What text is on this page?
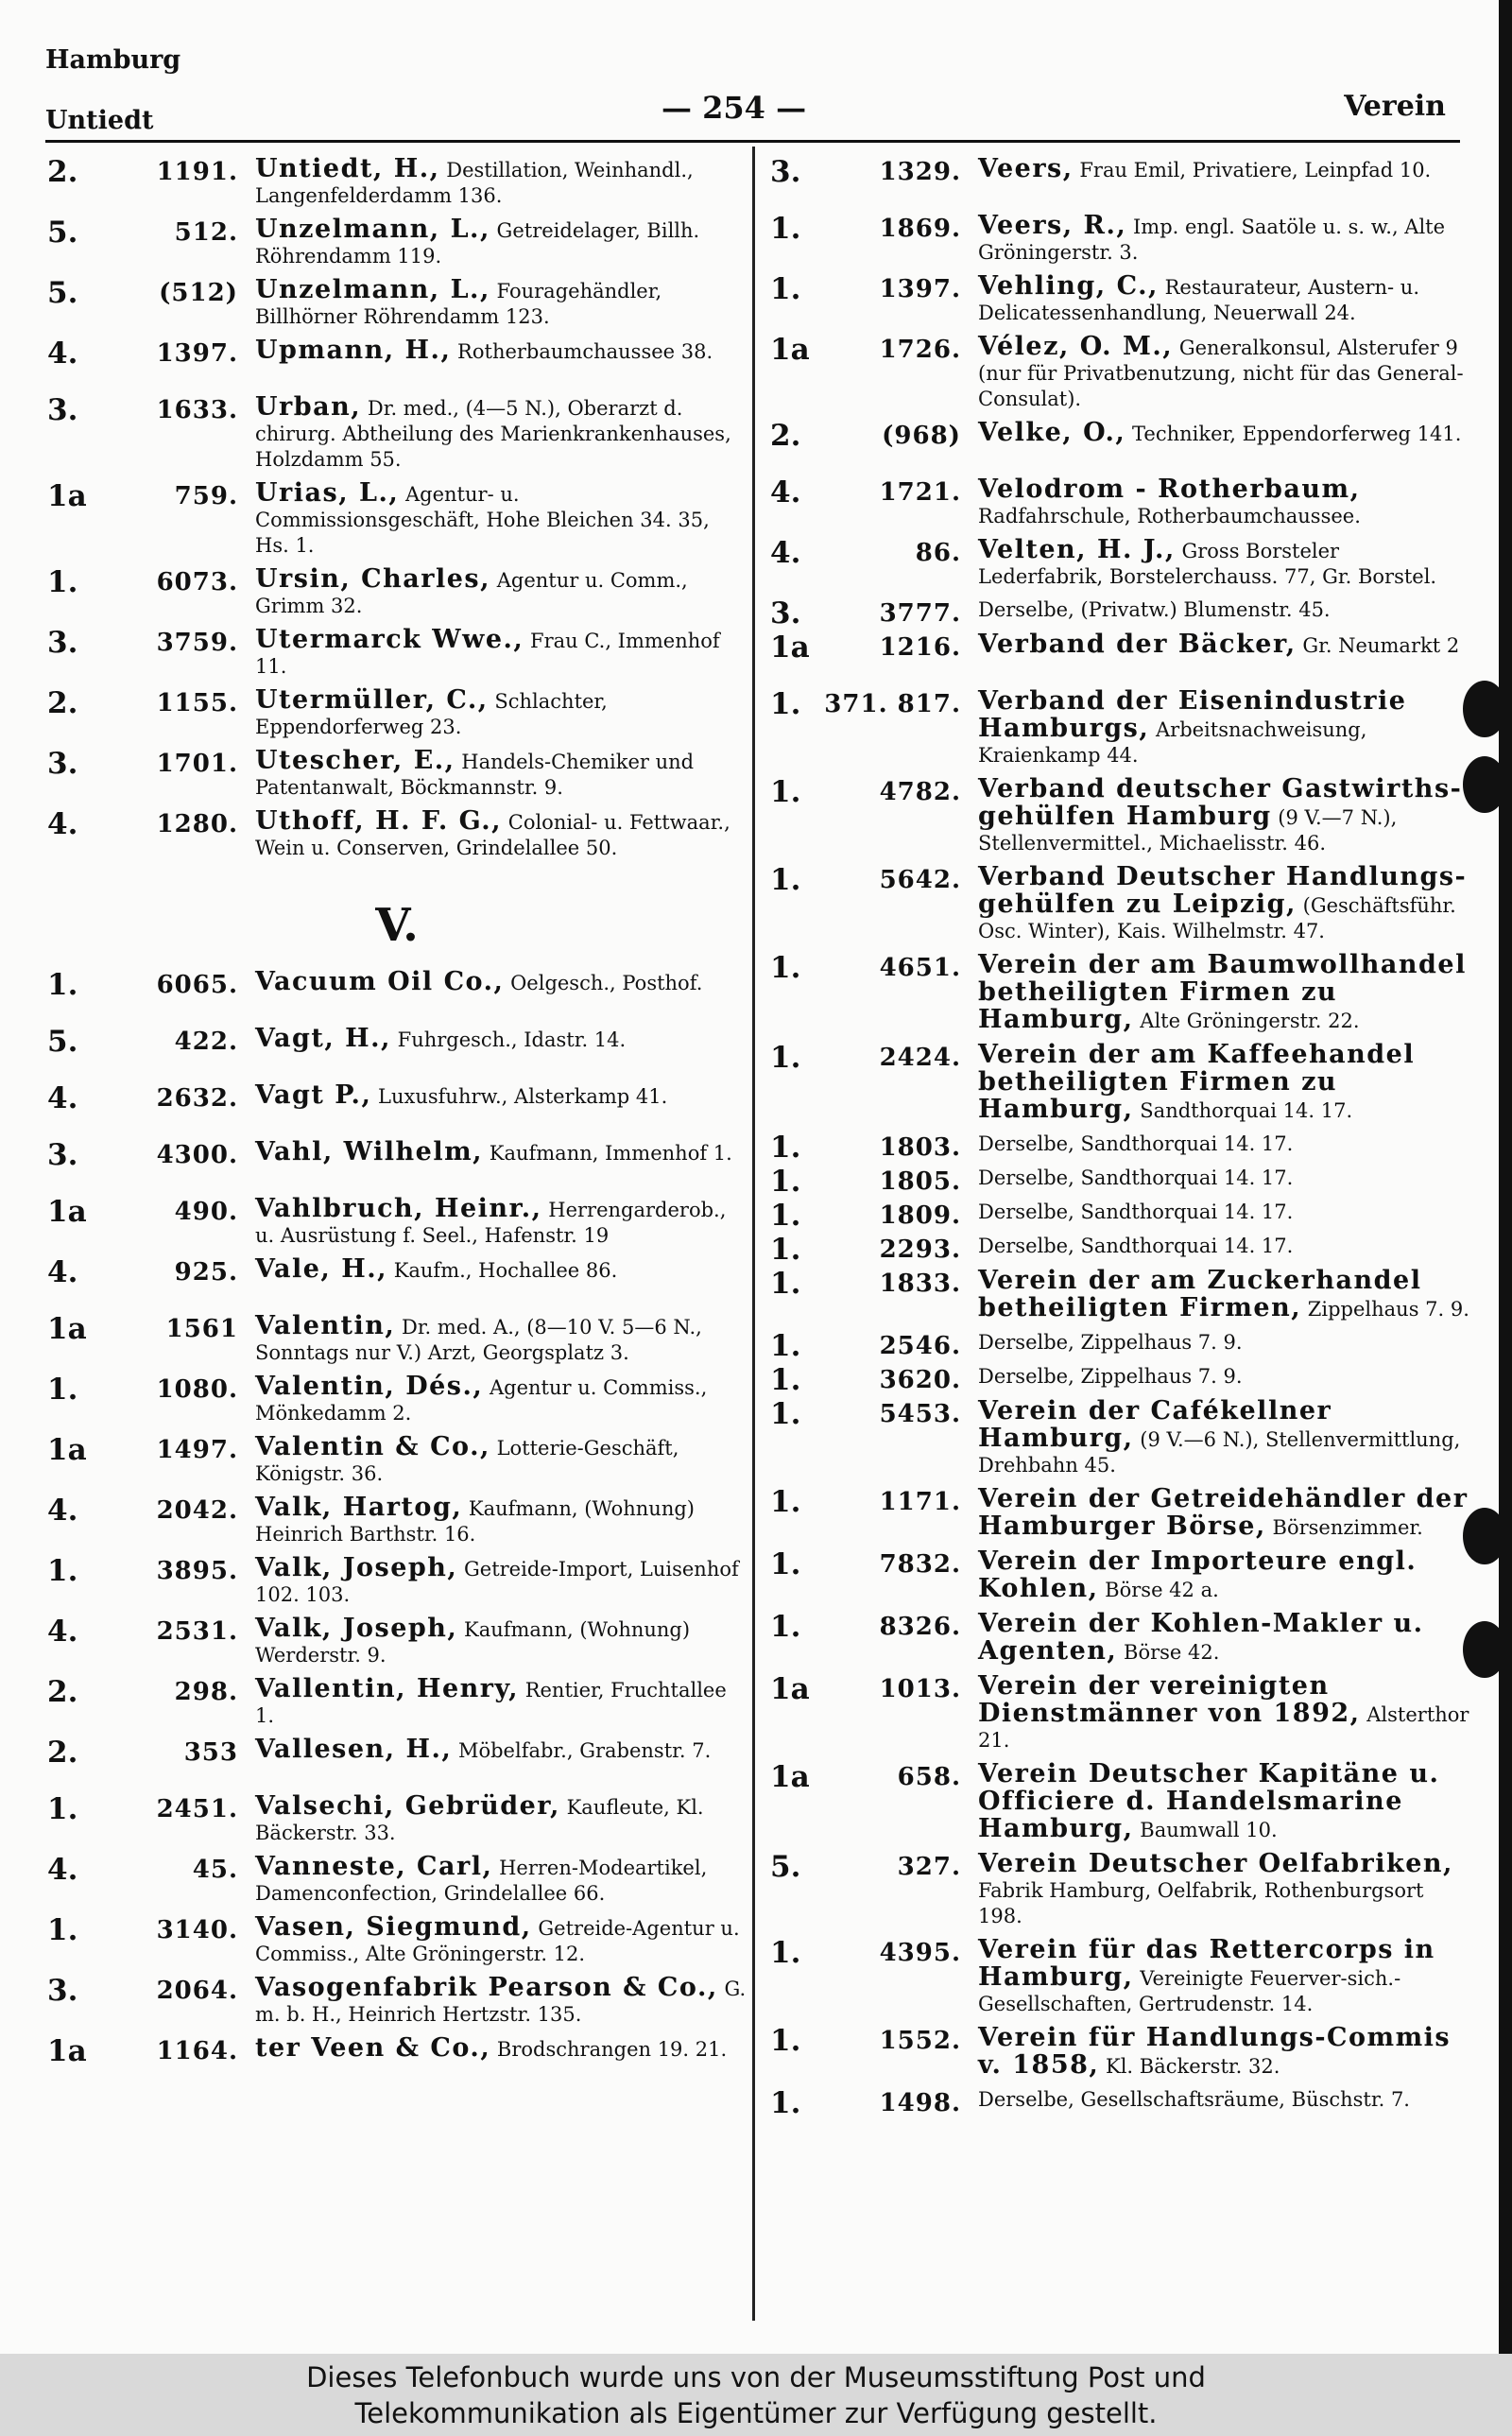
Hamburg
Untiedt	— 254 —	Verein
2.	1191. Untiedt, H., Destillation, Weinhandl., Langenfelderdamm 136.
5.	512. Unzelmann, L., Getreidelager, Billh. Röhrendamm 119.
5.	(512) Unzelmann, L., Fouragehändler, Billhörner Röhrendamm 123.
4.	1397. Upmann, H., Rotherbaumchaussee 38.
3.	1633. Urban, Dr. med., (4—5 N.), Oberarzt d. chirurg. Abtheilung des Marienkrankenhauses, Holzdamm 55.
1a	759. Urias, L., Agentur- u. Commissionsgeschäft, Hohe Bleichen 34. 35, Hs. 1.
1.	6073. Ursin, Charles, Agentur u. Comm., Grimm 32.
3.	3759. Utermarck Wwe., Frau C., Immenhof 11.
2.	1155. Utermüller, C., Schlachter, Eppendorferweg 23.
3.	1701. Utescher, E., Handels-Chemiker und Patentanwalt, Böckmannstr. 9.
4.	1280. Uthoff, H. F. G., Colonial- u. Fettwaar., Wein u. Conserven, Grindelallee 50.
V.
1.	6065. Vacuum Oil Co., Oelgesch., Posthof.
5.	422. Vagt, H., Fuhrgesch., Idastr. 14.
4.	2632. Vagt P., Luxusfuhrw., Alsterkamp 41.
3.	4300. Vahl, Wilhelm, Kaufmann, Immenhof 1.
1a	490. Vahlbruch, Heinr., Herrengarderob., u. Ausrüstung f. Seel., Hafenstr. 19
4.	925. Vale, H., Kaufm., Hochallee 86.
1a	1561 Valentin, Dr. med. A., (8—10 V. 5—6 N., Sonntags nur V.) Arzt, Georgsplatz 3.
1.	1080. Valentin, Dés., Agentur u. Commiss., Mönkedamm 2.
1a	1497. Valentin & Co., Lotterie-Geschäft, Königstr. 36.
4.	2042. Valk, Hartog, Kaufmann, (Wohnung) Heinrich Barthstr. 16.
1.	3895. Valk, Joseph, Getreide-Import, Luisenhof 102. 103.
4.	2531. Valk, Joseph, Kaufmann, (Wohnung) Werderstr. 9.
2.	298. Vallentin, Henry, Rentier, Fruchtallee 1.
2.	353 Vallesen, H., Möbelfabr., Grabenstr. 7.
1.	2451. Valsechi, Gebrüder, Kaufleute, Kl. Bäckerstr. 33.
4.	45. Vanneste, Carl, Herren-Modeartikel, Damenconfection, Grindelallee 66.
1.	3140. Vasen, Siegmund, Getreide-Agentur u. Commiss., Alte Gröningerstr. 12.
3.	2064. Vasogenfabrik Pearson & Co., G. m. b. H., Heinrich Hertzstr. 135.
1a	1164. ter Veen & Co., Brodschrangen 19. 21.
3.	1329. Veers, Frau Emil, Privatiere, Leinpfad 10.
1.	1869. Veers, R., Imp. engl. Saatöle u. s. w., Alte Gröningerstr. 3.
1.	1397. Vehling, C., Restaurateur, Austern- u. Delicatessenhandlung, Neuerwall 24.
1a	1726. Vélez, O. M., Generalkonsul, Alsterufer 9 (nur für Privatbenutzung, nicht für das General-Consulat).
2.	(968) Velke, O., Techniker, Eppendorferweg 141.
4.	1721. Velodrom - Rotherbaum, Radfahrschule, Rotherbaumchaussee.
4.	86. Velten, H. J., Gross Borsteler Lederfabrik, Borstelerchauss. 77, Gr. Borstel.
3.	3777. Derselbe, (Privatw.) Blumenstr. 45.
1a	1216. Verband der Bäcker, Gr. Neumarkt 2
1. 371. 817. Verband der Eisenindustrie Hamburgs, Arbeitsnachweisung, Kraienkamp 44.
1.	4782. Verband deutscher Gastwirths-gehülfen Hamburg (9 V.—7 N.), Stellenvermittel., Michaelisstr. 46.
1.	5642. Verband Deutscher Handlungs-gehülfen zu Leipzig, (Geschäftsführ. Osc. Winter), Kais. Wilhelmstr. 47.
1.	4651. Verein der am Baumwollhandel betheiligten Firmen zu Hamburg, Alte Gröningerstr. 22.
1.	2424. Verein der am Kaffeehandel betheiligten Firmen zu Hamburg, Sandthorquai 14. 17.
1.	1803. Derselbe, Sandthorquai 14. 17.
1.	1805. Derselbe, Sandthorquai 14. 17.
1.	1809. Derselbe, Sandthorquai 14. 17.
1.	2293. Derselbe, Sandthorquai 14. 17.
1.	1833. Verein der am Zuckerhandel betheiligten Firmen, Zippelhaus 7. 9.
1.	2546. Derselbe, Zippelhaus 7. 9.
1.	3620. Derselbe, Zippelhaus 7. 9.
1.	5453. Verein der Cafékellner Hamburg, (9 V.—6 N.), Stellenvermittlung, Drehbahn 45.
1.	1171. Verein der Getreidehändler der Hamburger Börse, Börsenzimmer.
1.	7832. Verein der Importeure engl. Kohlen, Börse 42 a.
1.	8326. Verein der Kohlen-Makler u. Agenten, Börse 42.
1a	1013. Verein der vereinigten Dienstmänner von 1892, Alsterthor 21.
1a	658. Verein Deutscher Kapitäne u. Officiere d. Handelsmarine Hamburg, Baumwall 10.
5.	327. Verein Deutscher Oelfabriken, Fabrik Hamburg, Oelfabrik, Rothenburgsort 198.
1.	4395. Verein für das Rettercorps in Hamburg, Vereinigte Feuerver-sich.-Gesellschaften, Gertrudenstr. 14.
1.	1552. Verein für Handlungs-Commis v. 1858, Kl. Bäckerstr. 32.
1.	1498. Derselbe, Gesellschaftsräume, Büschstr. 7.
Dieses Telefonbuch wurde uns von der Museumsstiftung Post und
Telekommunikation als Eigentümer zur Verfügung gestellt.
